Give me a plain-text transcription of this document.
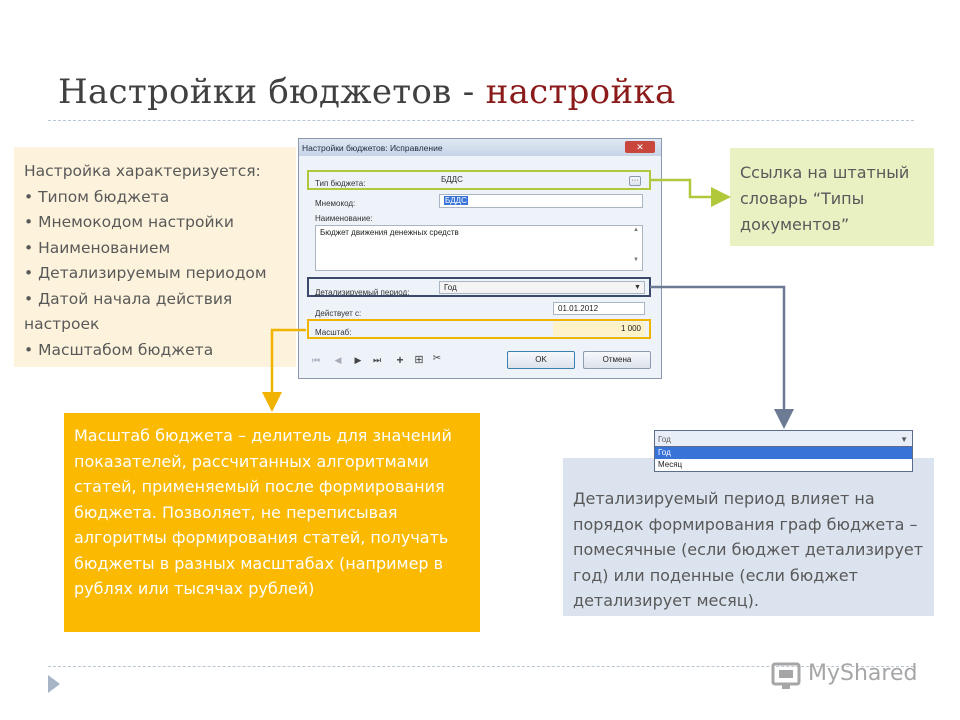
Настройки бюджетов - настройка
Настройка характеризуется:
• Типом бюджета
• Мнемокодом настройки
• Наименованием
• Детализируемым периодом
• Датой начала действия
настроек
• Масштабом бюджета
Настройки бюджетов: Исправление	✕
Тип бюджета:	БДДС	···
Мнемокод:	БДДС
Наименование:
Бюджет движения денежных средств	▲

▼
Детализируемый период:
Год	▼
Действует с:
01.01.2012
Масштаб:	1 000
⏮ ◀ ▶ ⏭ + ⊞ ✂	OK	Отмена
Ссылка на штатный словарь “Типы документов”
Масштаб бюджета – делитель для значений показателей, рассчитанных алгоритмами статей, применяемый после формирования бюджета. Позволяет, не переписывая алгоритмы формирования статей, получать бюджеты в разных масштабах (например в рублях или тысячах рублей)
Детализируемый период влияет на порядок формирования граф бюджета – помесячные (если бюджет детализирует год) или поденные (если бюджет детализирует месяц).
Год	▼
Год
Месяц
MyShared
